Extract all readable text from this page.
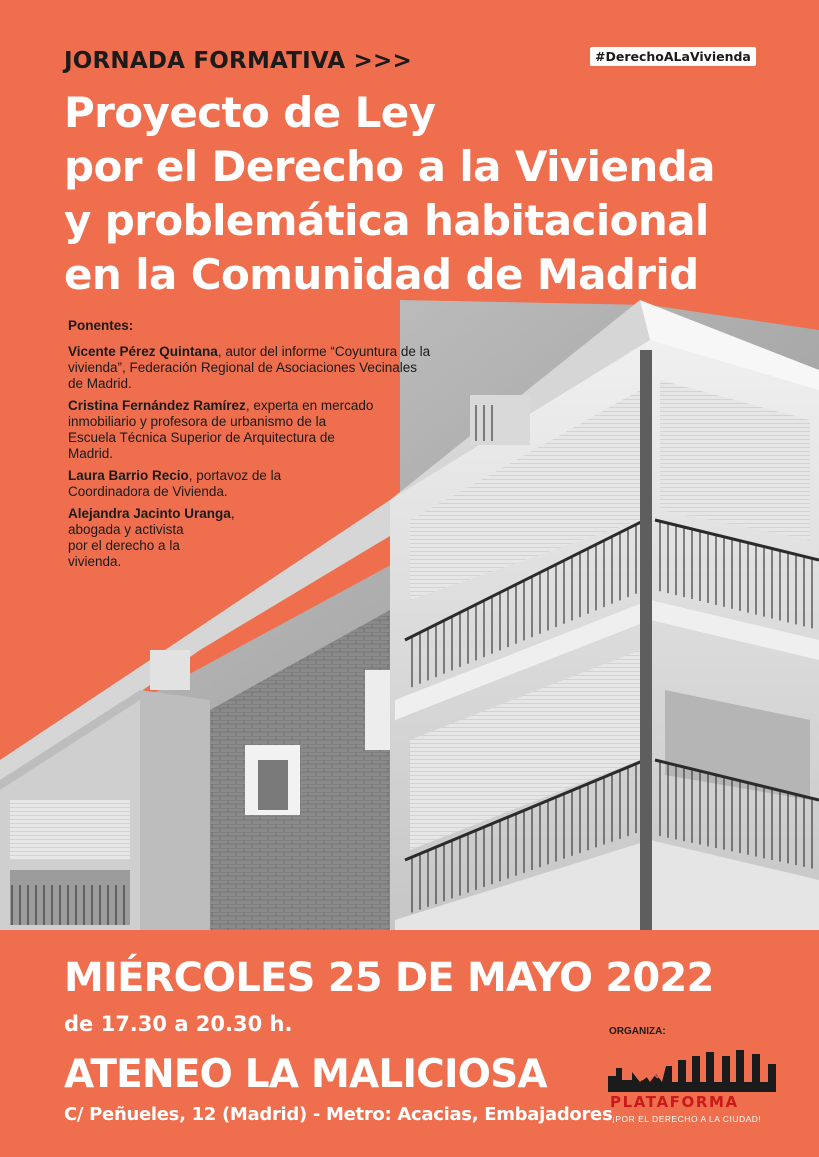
JORNADA FORMATIVA >>>	#DerechoALaVivienda
Proyecto de Ley
por el Derecho a la Vivienda
y problemática habitacional
en la Comunidad de Madrid
Ponentes:
Vicente Pérez Quintana, autor del informe “Coyuntura de la
vivienda”, Federación Regional de Asociaciones Vecinales
de Madrid.
Cristina Fernández Ramírez, experta en mercado
inmobiliario y profesora de urbanismo de la
Escuela Técnica Superior de Arquitectura de
Madrid.
Laura Barrio Recio, portavoz de la
Coordinadora de Vivienda.
Alejandra Jacinto Uranga,
abogada y activista
por el derecho a la
vivienda.
MIÉRCOLES 25 DE MAYO 2022
de 17.30 a 20.30 h.
ATENEO LA MALICIOSA
C/ Peñueles, 12 (Madrid) - Metro: Acacias, Embajadores
ORGANIZA:
PLATAFORMA
¡POR EL DERECHO A LA CIUDAD!
